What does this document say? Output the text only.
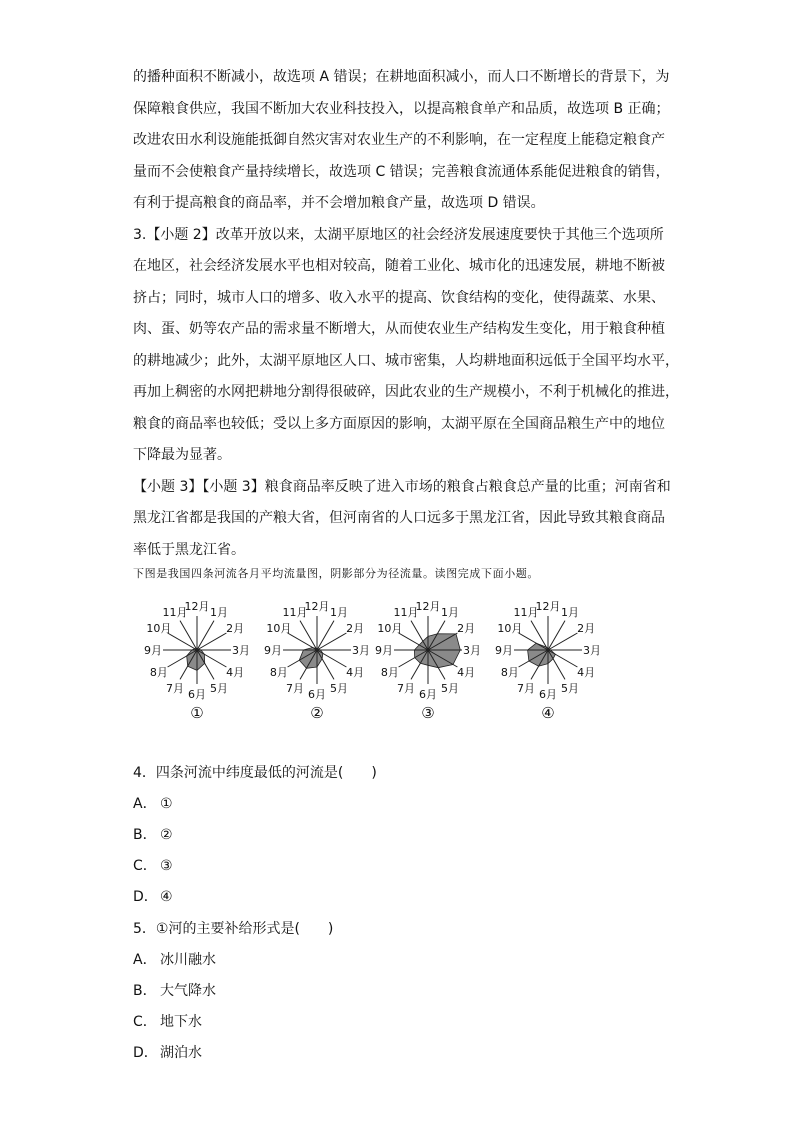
的播种面积不断减小，故选项 A 错误；在耕地面积减小，而人口不断增长的背景下，为

保障粮食供应，我国不断加大农业科技投入，以提高粮食单产和品质，故选项 B 正确；

改进农田水利设施能抵御自然灾害对农业生产的不利影响，在一定程度上能稳定粮食产

量而不会使粮食产量持续增长，故选项 C 错误；完善粮食流通体系能促进粮食的销售，

有利于提高粮食的商品率，并不会增加粮食产量，故选项 D 错误。

3.【小题 2】改革开放以来，太湖平原地区的社会经济发展速度要快于其他三个选项所

在地区，社会经济发展水平也相对较高，随着工业化、城市化的迅速发展，耕地不断被

挤占；同时，城市人口的增多、收入水平的提高、饮食结构的变化，使得蔬菜、水果、

肉、蛋、奶等农产品的需求量不断增大，从而使农业生产结构发生变化，用于粮食种植

的耕地减少；此外，太湖平原地区人口、城市密集，人均耕地面积远低于全国平均水平，

再加上稠密的水网把耕地分割得很破碎，因此农业的生产规模小，不利于机械化的推进，

粮食的商品率也较低；受以上多方面原因的影响，太湖平原在全国商品粮生产中的地位

下降最为显著。

【小题 3】【小题 3】粮食商品率反映了进入市场的粮食占粮食总产量的比重；河南省和

黑龙江省都是我国的产粮大省，但河南省的人口远多于黑龙江省，因此导致其粮食商品

率低于黑龙江省。

下图是我国四条河流各月平均流量图，阴影部分为径流量。读图完成下面小题。
1月
2月
3月
4月
5月
6月
7月
8月
9月
10月
11月
12月
①
1月
2月
3月
4月
5月
6月
7月
8月
9月
10月
11月
12月
②
1月
2月
3月
4月
5月
6月
7月
8月
9月
10月
11月
12月
③
1月
2月
3月
4月
5月
6月
7月
8月
9月
10月
11月
12月
④
4．四条河流中纬度最低的河流是(　　)
A． ①
B． ②
C． ③
D． ④
5．①河的主要补给形式是(　　)
A． 冰川融水
B． 大气降水
C． 地下水
D． 湖泊水
